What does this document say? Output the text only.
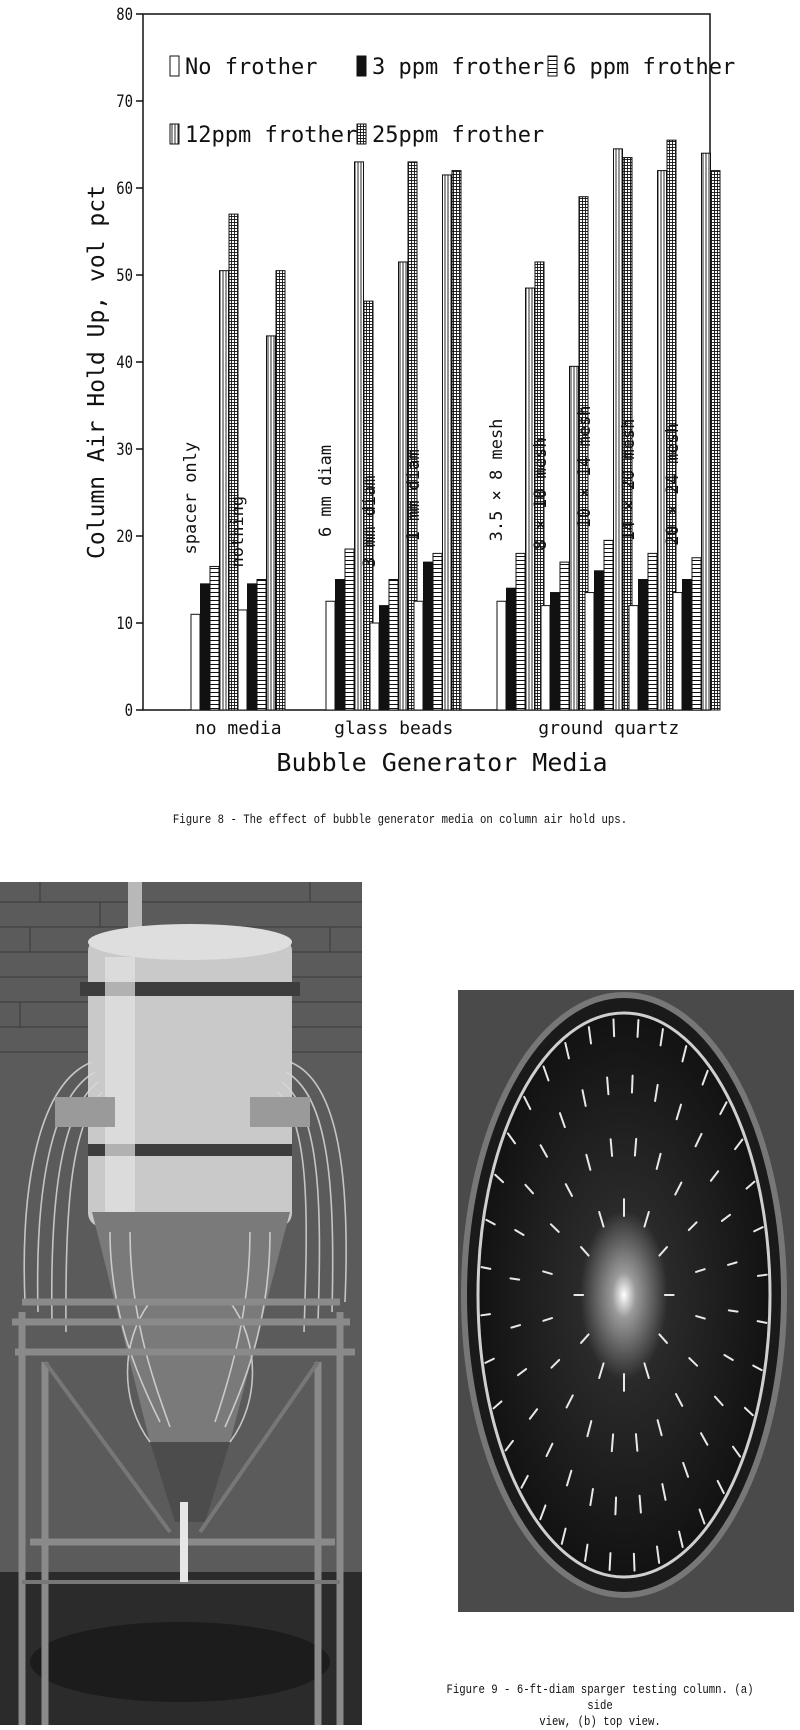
0
10
20
30
40
50
60
70
80
spacer only nothing	6 mm diam 3 mm diam 1 mm diam	3.5 × 8 mesh 8 × 10 mesh 10 × 14 mesh 14 × 20 mesh 20 × 24 mesh
no media	glass beads	ground quartz
No frother 3 ppm frother 6 ppm frother
12ppm frother 25ppm frother
Column Air Hold Up, vol pct
Bubble Generator Media
Figure 8 - The effect of bubble generator media on column air hold ups.
Figure 9 - 6-ft-diam sparger testing column. (a) side
view, (b) top view.
